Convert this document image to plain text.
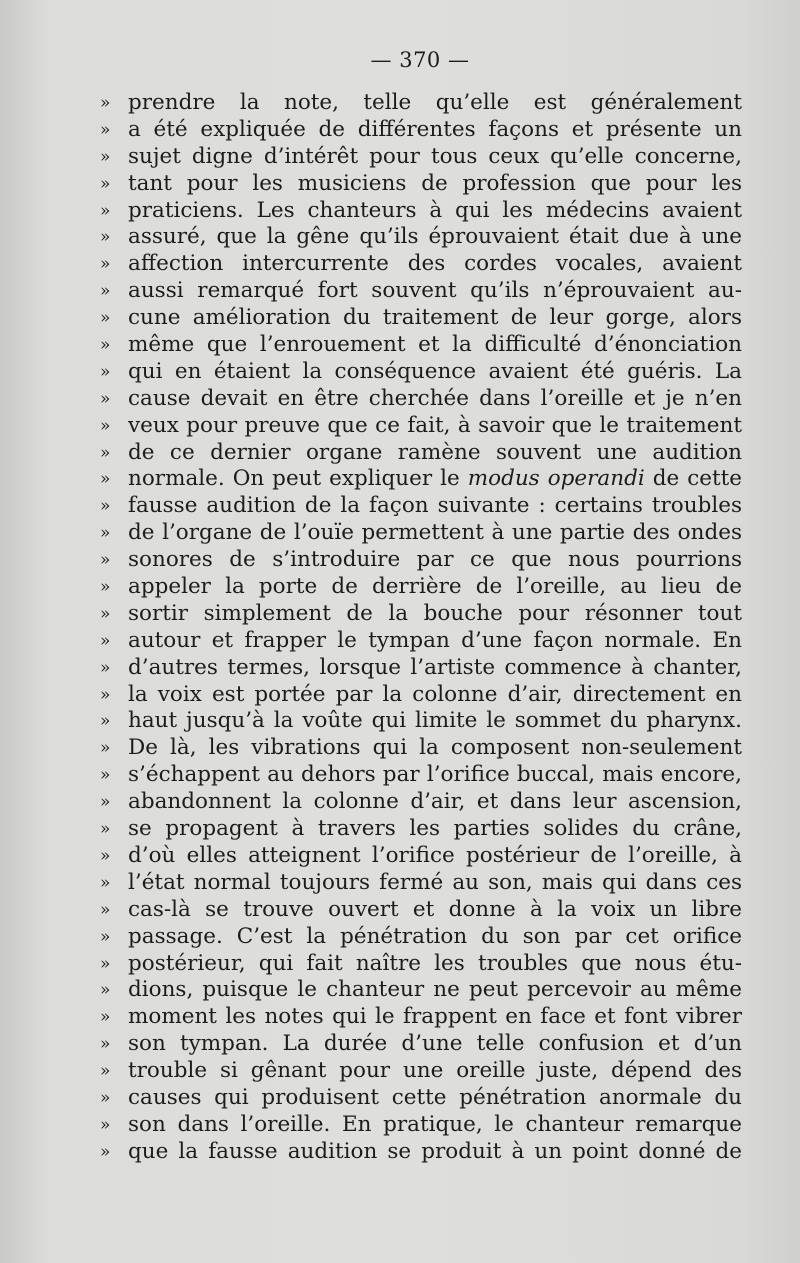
— 370 —
» prendre la note, telle qu’elle est généralement
» a été expliquée de différentes façons et présente un
» sujet digne d’intérêt pour tous ceux qu’elle concerne,
» tant pour les musiciens de profession que pour les
» praticiens. Les chanteurs à qui les médecins avaient
» assuré, que la gêne qu’ils éprouvaient était due à une
» affection intercurrente des cordes vocales, avaient
» aussi remarqué fort souvent qu’ils n’éprouvaient au-
» cune amélioration du traitement de leur gorge, alors
» même que l’enrouement et la difficulté d’énonciation
» qui en étaient la conséquence avaient été guéris. La
» cause devait en être cherchée dans l’oreille et je n’en
» veux pour preuve que ce fait, à savoir que le traitement
» de ce dernier organe ramène souvent une audition
» normale. On peut expliquer le modus operandi de cette
» fausse audition de la façon suivante : certains troubles
» de l’organe de l’ouïe permettent à une partie des ondes
» sonores de s’introduire par ce que nous pourrions
» appeler la porte de derrière de l’oreille, au lieu de
» sortir simplement de la bouche pour résonner tout
» autour et frapper le tympan d’une façon normale. En
» d’autres termes, lorsque l’artiste commence à chanter,
» la voix est portée par la colonne d’air, directement en
» haut jusqu’à la voûte qui limite le sommet du pharynx.
» De là, les vibrations qui la composent non-seulement
» s’échappent au dehors par l’orifice buccal, mais encore,
» abandonnent la colonne d’air, et dans leur ascension,
» se propagent à travers les parties solides du crâne,
» d’où elles atteignent l’orifice postérieur de l’oreille, à
» l’état normal toujours fermé au son, mais qui dans ces
» cas-là se trouve ouvert et donne à la voix un libre
» passage. C’est la pénétration du son par cet orifice
» postérieur, qui fait naître les troubles que nous étu-
» dions, puisque le chanteur ne peut percevoir au même
» moment les notes qui le frappent en face et font vibrer
» son tympan. La durée d’une telle confusion et d’un
» trouble si gênant pour une oreille juste, dépend des
» causes qui produisent cette pénétration anormale du
» son dans l’oreille. En pratique, le chanteur remarque
» que la fausse audition se produit à un point donné de
